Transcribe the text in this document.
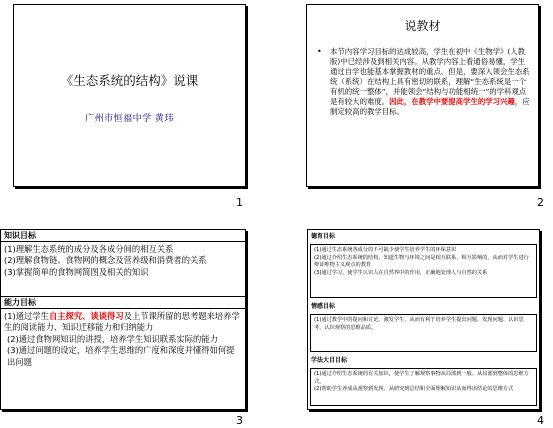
《生态系统的结构》说课
广州市恒福中学 黄玮
1
说教材
• 本节内容学习目标的达成较高，学生在初中《生物学》(人教版)中已经涉及到相关内容。从教学内容上看通俗易懂，学生通过自学也能基本掌握教材的重点。但是，要深入领会生态系统（系统）在结构上具有密切的联系，理解“生态系统是一个有机的统一整体”，并能领会“结构与功能相统一”的学科观点是有较大的难度。因此，在教学中要提高学生的学习兴趣，应制定较高的教学目标。
2
知识目标
(1)理解生态系统的成分及各成分间的相互关系
(2)理解食物链、食物网的概念及营养级和消费者的关系
(3)掌握简单的食物网简图及相关的知识
能力目标
(1)通过学生自主探究、谈谈得习及上节课所留的思考题来培养学生的阅读能力、知识迁移能力和归纳能力
(2)通过食物网知识的讲授，培养学生知识联系实际的能力
(3)通过问题的设定，培养学生思维的广度和深度并懂得如何提出问题
3
德育目标
(1)通过生态系统各成分的不可缺少使学生培养学生的环保意识
(2)通过介绍生态系统的结构，知道生物与环境之间是相互联系、相互影响的，从而对学生进行辩证唯物主义观点的教育
(3)通过学习，使学生认识人在自然界中的作用，正确地处理人与自然的关系
情感目标
(1)通过教学中的提问和讨论，激发学生，从而有利于培养学生提出问题、发现问题、认识思考、认识观察的思维品质。
学法大目目标
(1)通过介绍生态系统的有关知识，使学生了解观察事物从局部到一般、从局部到整体的思维方式。
(2)帮助学生养成从观察到发现、从研究到总结和全面理解知识从而得出结论的思维方式
4
